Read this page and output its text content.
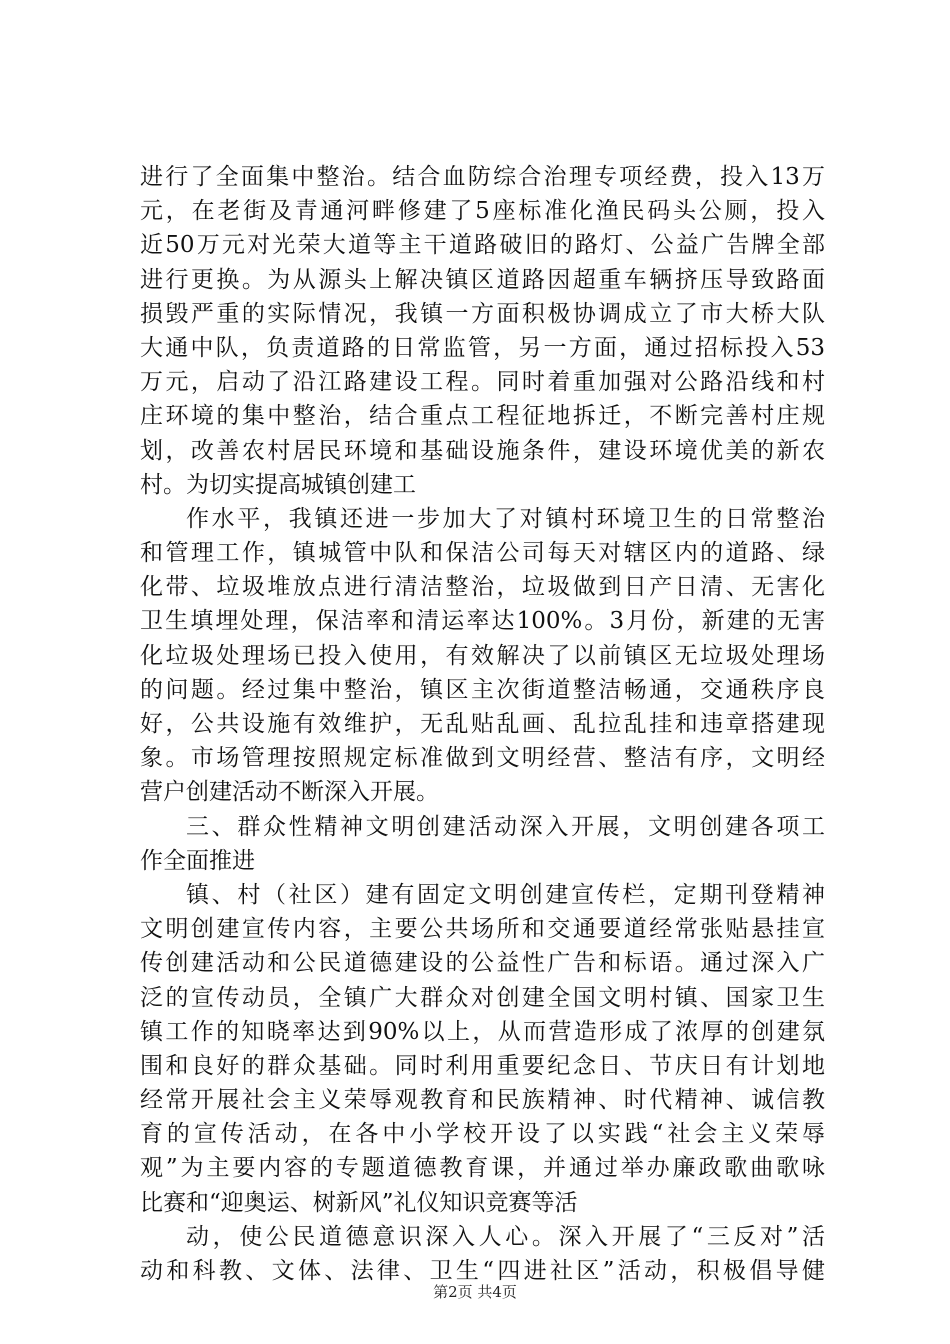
进行了全面集中整治。结合血防综合治理专项经费，投入13万
元，在老街及青通河畔修建了5座标准化渔民码头公厕，投入
近50万元对光荣大道等主干道路破旧的路灯、公益广告牌全部
进行更换。为从源头上解决镇区道路因超重车辆挤压导致路面
损毁严重的实际情况，我镇一方面积极协调成立了市大桥大队
大通中队，负责道路的日常监管，另一方面，通过招标投入53
万元，启动了沿江路建设工程。同时着重加强对公路沿线和村
庄环境的集中整治，结合重点工程征地拆迁，不断完善村庄规
划，改善农村居民环境和基础设施条件，建设环境优美的新农
村。为切实提高城镇创建工
作水平，我镇还进一步加大了对镇村环境卫生的日常整治
和管理工作，镇城管中队和保洁公司每天对辖区内的道路、绿
化带、垃圾堆放点进行清洁整治，垃圾做到日产日清、无害化
卫生填埋处理，保洁率和清运率达100%。3月份，新建的无害
化垃圾处理场已投入使用，有效解决了以前镇区无垃圾处理场
的问题。经过集中整治，镇区主次街道整洁畅通，交通秩序良
好，公共设施有效维护，无乱贴乱画、乱拉乱挂和违章搭建现
象。市场管理按照规定标准做到文明经营、整洁有序，文明经
营户创建活动不断深入开展。
三、群众性精神文明创建活动深入开展，文明创建各项工
作全面推进
镇、村（社区）建有固定文明创建宣传栏，定期刊登精神
文明创建宣传内容，主要公共场所和交通要道经常张贴悬挂宣
传创建活动和公民道德建设的公益性广告和标语。通过深入广
泛的宣传动员，全镇广大群众对创建全国文明村镇、国家卫生
镇工作的知晓率达到90%以上，从而营造形成了浓厚的创建氛
围和良好的群众基础。同时利用重要纪念日、节庆日有计划地
经常开展社会主义荣辱观教育和民族精神、时代精神、诚信教
育的宣传活动，在各中小学校开设了以实践“社会主义荣辱
观”为主要内容的专题道德教育课，并通过举办廉政歌曲歌咏
比赛和“迎奥运、树新风”礼仪知识竞赛等活
动，使公民道德意识深入人心。深入开展了“三反对”活
动和科教、文体、法律、卫生“四进社区”活动，积极倡导健
第2页 共4页
